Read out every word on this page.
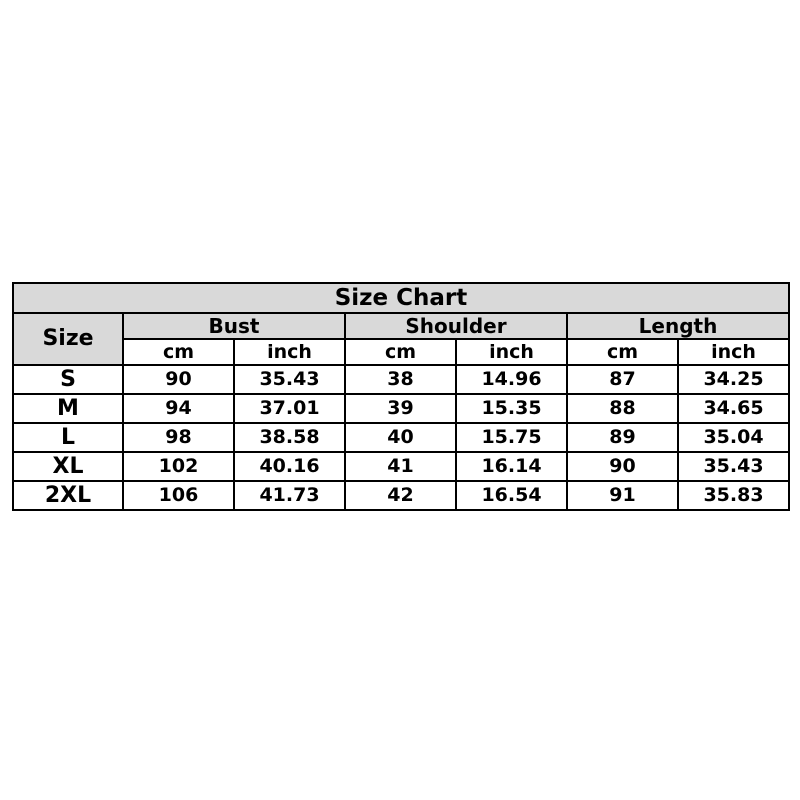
Size Chart						
Size	Bust		Shoulder		Length	
	cm	inch	cm	inch	cm	inch
S	90	35.43	38	14.96	87	34.25
M	94	37.01	39	15.35	88	34.65
L	98	38.58	40	15.75	89	35.04
XL	102	40.16	41	16.14	90	35.43
2XL	106	41.73	42	16.54	91	35.83
